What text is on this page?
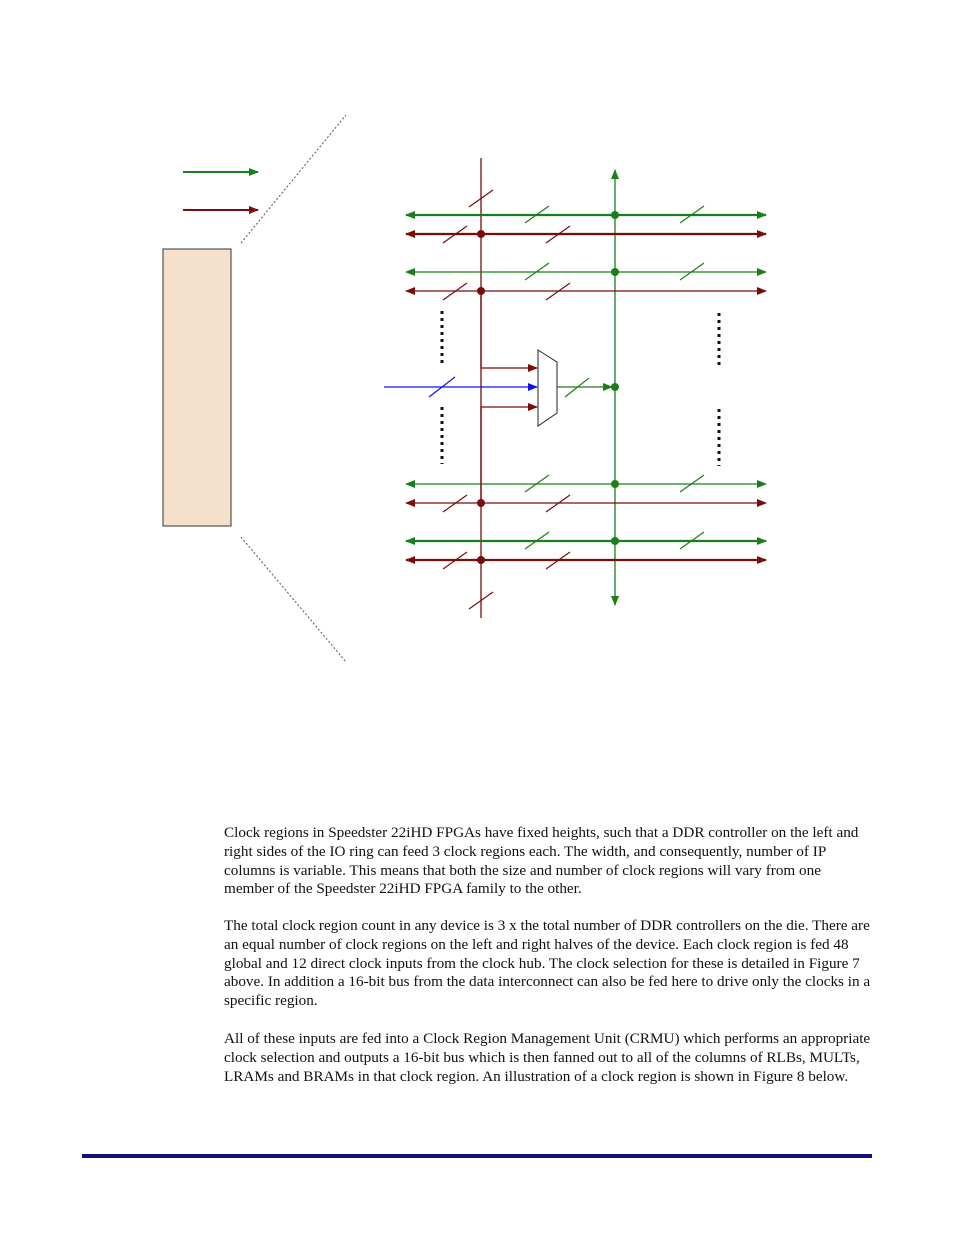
Clock regions in Speedster 22iHD FPGAs have fixed heights, such that a DDR controller on the left and right sides of the IO ring can feed 3 clock regions each. The width, and consequently, number of IP columns is variable. This means that both the size and number of clock regions will vary from one member of the Speedster 22iHD FPGA family to the other.

The total clock region count in any device is 3 x the total number of DDR controllers on the die. There are an equal number of clock regions on the left and right halves of the device. Each clock region is fed 48 global and 12 direct clock inputs from the clock hub. The clock selection for these is detailed in Figure 7 above. In addition a 16-bit bus from the data interconnect can also be fed here to drive only the clocks in a specific region.

All of these inputs are fed into a Clock Region Management Unit (CRMU) which performs an appropriate clock selection and outputs a 16-bit bus which is then fanned out to all of the columns of RLBs, MULTs, LRAMs and BRAMs in that clock region. An illustration of a clock region is shown in Figure 8 below.
